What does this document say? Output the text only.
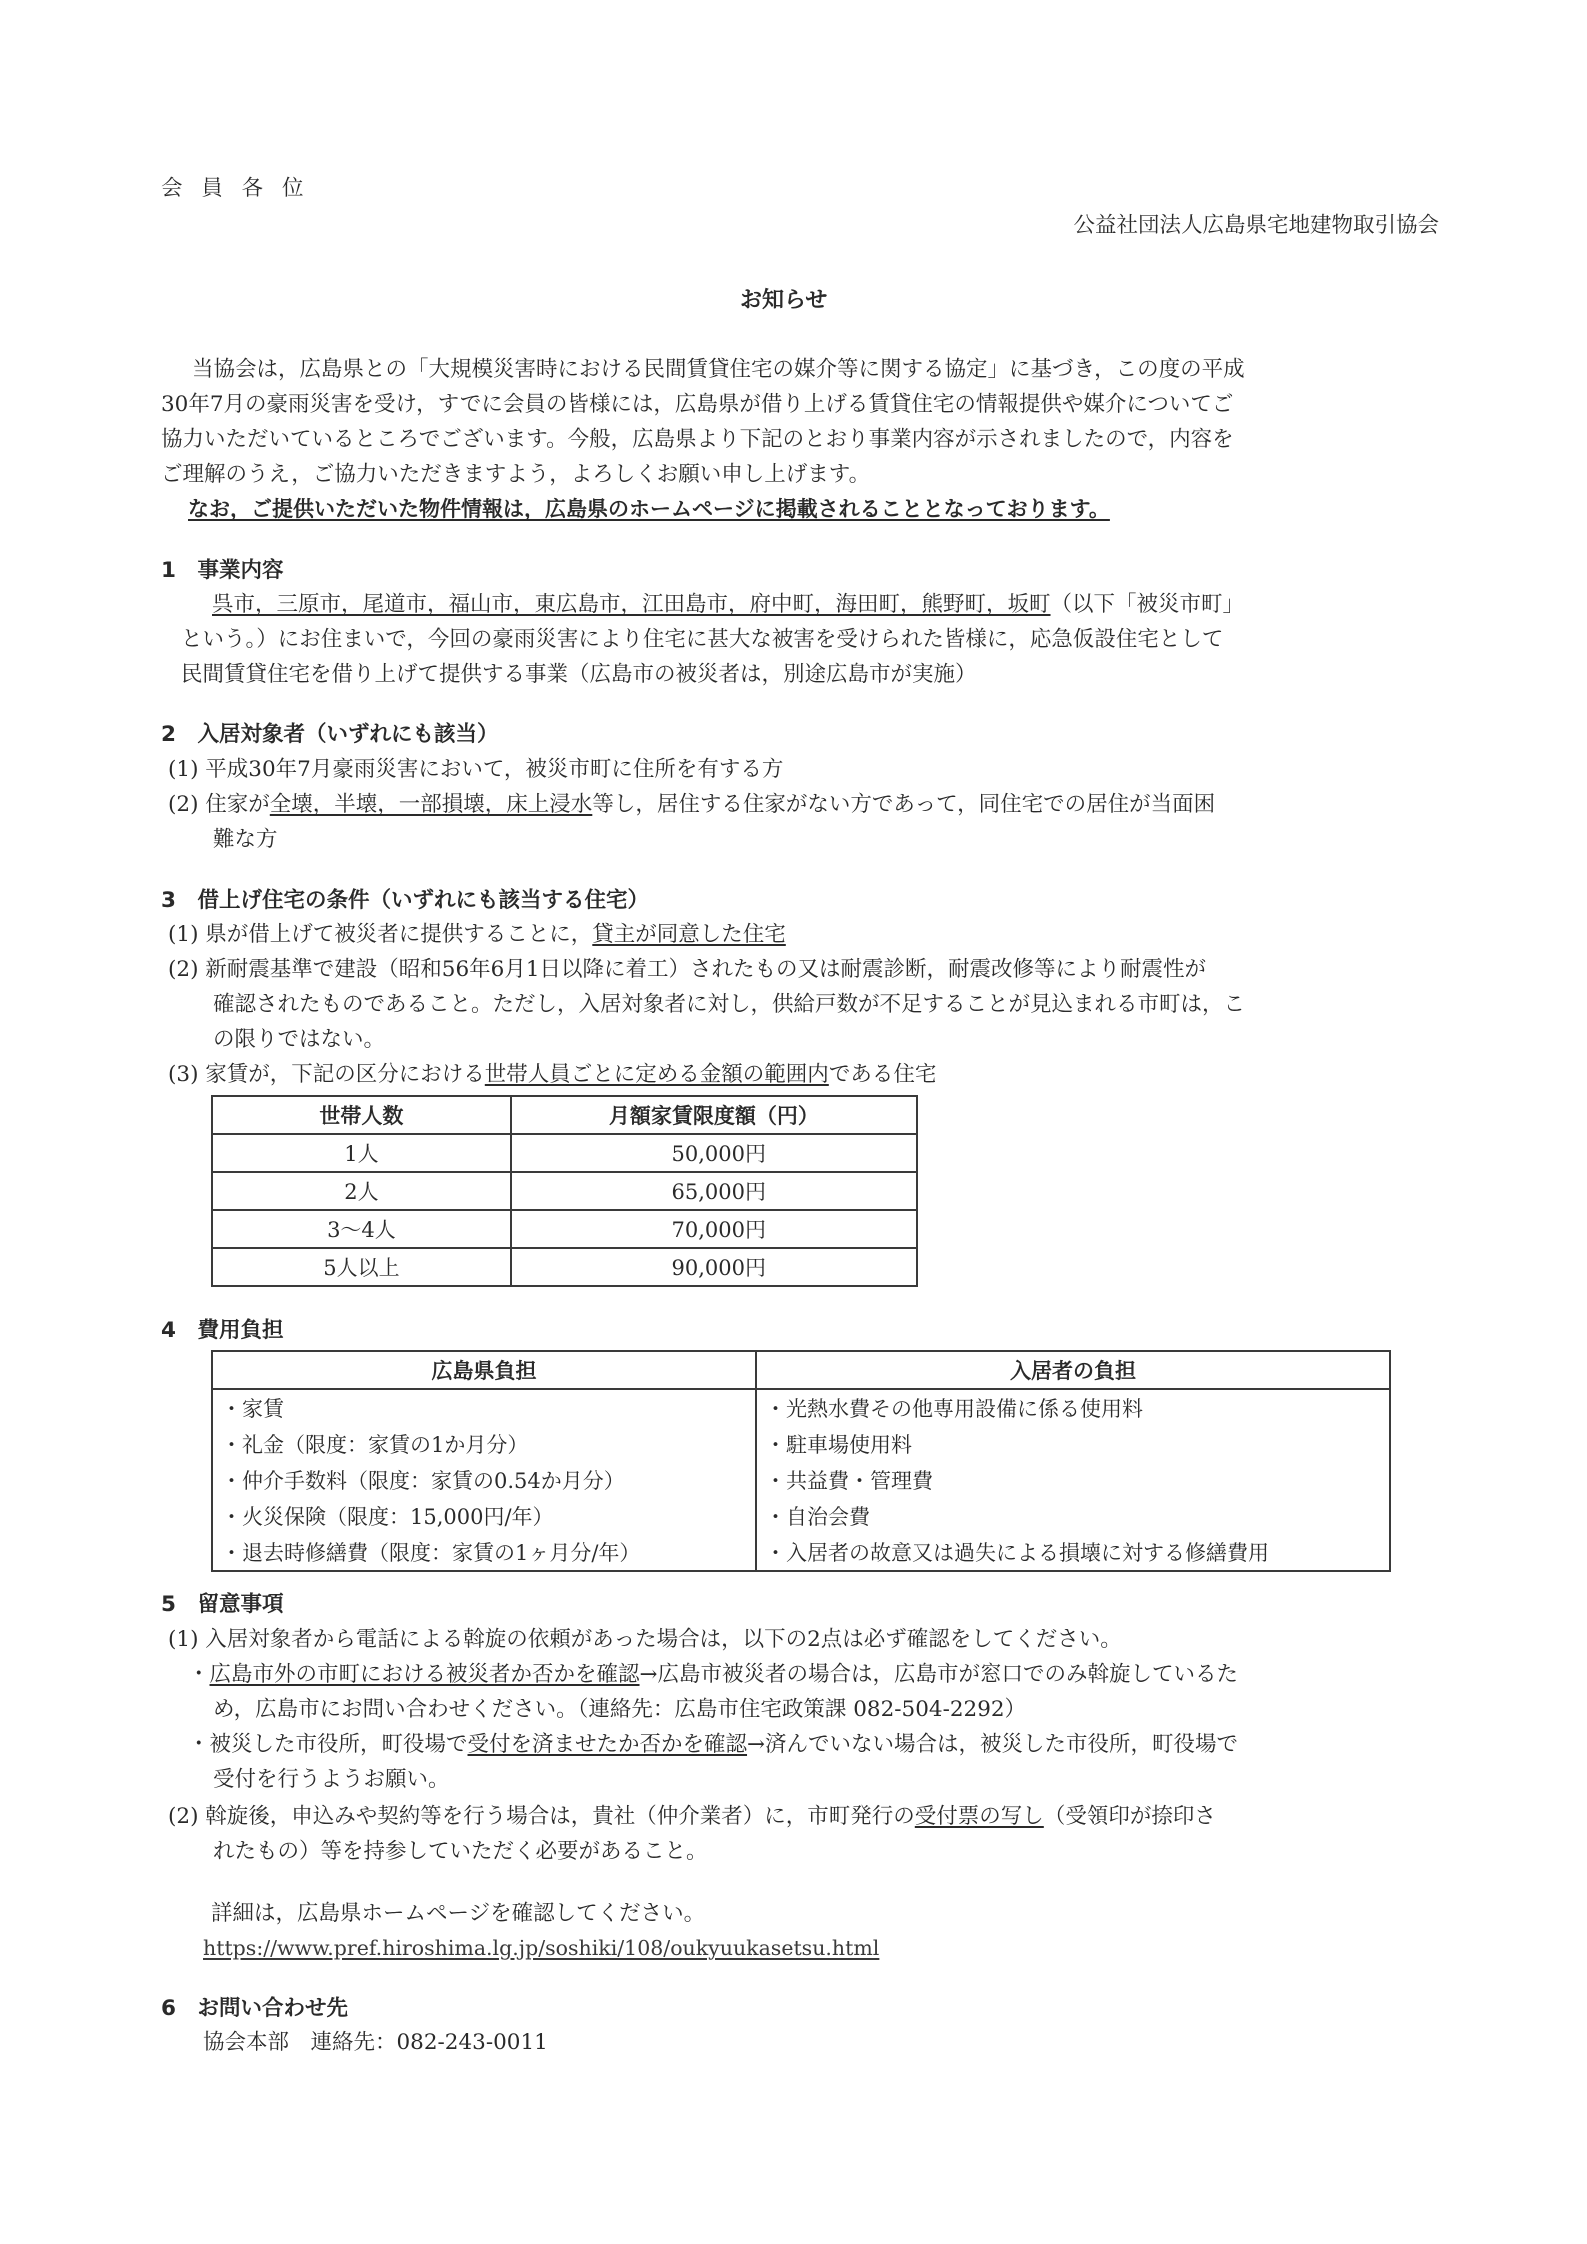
会 員 各 位
公益社団法人広島県宅地建物取引協会
お知らせ
当協会は，広島県との「大規模災害時における民間賃貸住宅の媒介等に関する協定」に基づき，この度の平成
30年7月の豪雨災害を受け，すでに会員の皆様には，広島県が借り上げる賃貸住宅の情報提供や媒介についてご
協力いただいているところでございます。今般，広島県より下記のとおり事業内容が示されましたので，内容を
ご理解のうえ，ご協力いただきますよう，よろしくお願い申し上げます。
なお，ご提供いただいた物件情報は，広島県のホームページに掲載されることとなっております。
1　事業内容
呉市，三原市，尾道市，福山市，東広島市，江田島市，府中町，海田町，熊野町，坂町（以下「被災市町」
という。）にお住まいで，今回の豪雨災害により住宅に甚大な被害を受けられた皆様に，応急仮設住宅として
民間賃貸住宅を借り上げて提供する事業（広島市の被災者は，別途広島市が実施）
2　入居対象者（いずれにも該当）
(1) 平成30年7月豪雨災害において，被災市町に住所を有する方
(2) 住家が全壊，半壊，一部損壊，床上浸水等し，居住する住家がない方であって，同住宅での居住が当面困
難な方
3　借上げ住宅の条件（いずれにも該当する住宅）
(1) 県が借上げて被災者に提供することに，貸主が同意した住宅
(2) 新耐震基準で建設（昭和56年6月1日以降に着工）されたもの又は耐震診断，耐震改修等により耐震性が
確認されたものであること。ただし，入居対象者に対し，供給戸数が不足することが見込まれる市町は，こ
の限りではない。
(3) 家賃が，下記の区分における世帯人員ごとに定める金額の範囲内である住宅
世帯人数	月額家賃限度額（円）
1人	50,000円
2人	65,000円
3～4人	70,000円
5人以上	90,000円
4　費用負担
広島県負担	入居者の負担
・家賃	・光熱水費その他専用設備に係る使用料
・礼金（限度：家賃の1か月分）	・駐車場使用料
・仲介手数料（限度：家賃の0.54か月分）	・共益費・管理費
・火災保険（限度：15,000円/年）	・自治会費
・退去時修繕費（限度：家賃の1ヶ月分/年）	・入居者の故意又は過失による損壊に対する修繕費用
5　留意事項
(1) 入居対象者から電話による斡旋の依頼があった場合は，以下の2点は必ず確認をしてください。
・広島市外の市町における被災者か否かを確認→広島市被災者の場合は，広島市が窓口でのみ斡旋しているた
め，広島市にお問い合わせください。（連絡先：広島市住宅政策課 082-504-2292）
・被災した市役所，町役場で受付を済ませたか否かを確認→済んでいない場合は，被災した市役所，町役場で
受付を行うようお願い。
(2) 斡旋後，申込みや契約等を行う場合は，貴社（仲介業者）に，市町発行の受付票の写し（受領印が捺印さ
れたもの）等を持参していただく必要があること。
詳細は，広島県ホームページを確認してください。
https://www.pref.hiroshima.lg.jp/soshiki/108/oukyuukasetsu.html
6　お問い合わせ先
協会本部　連絡先：082-243-0011
